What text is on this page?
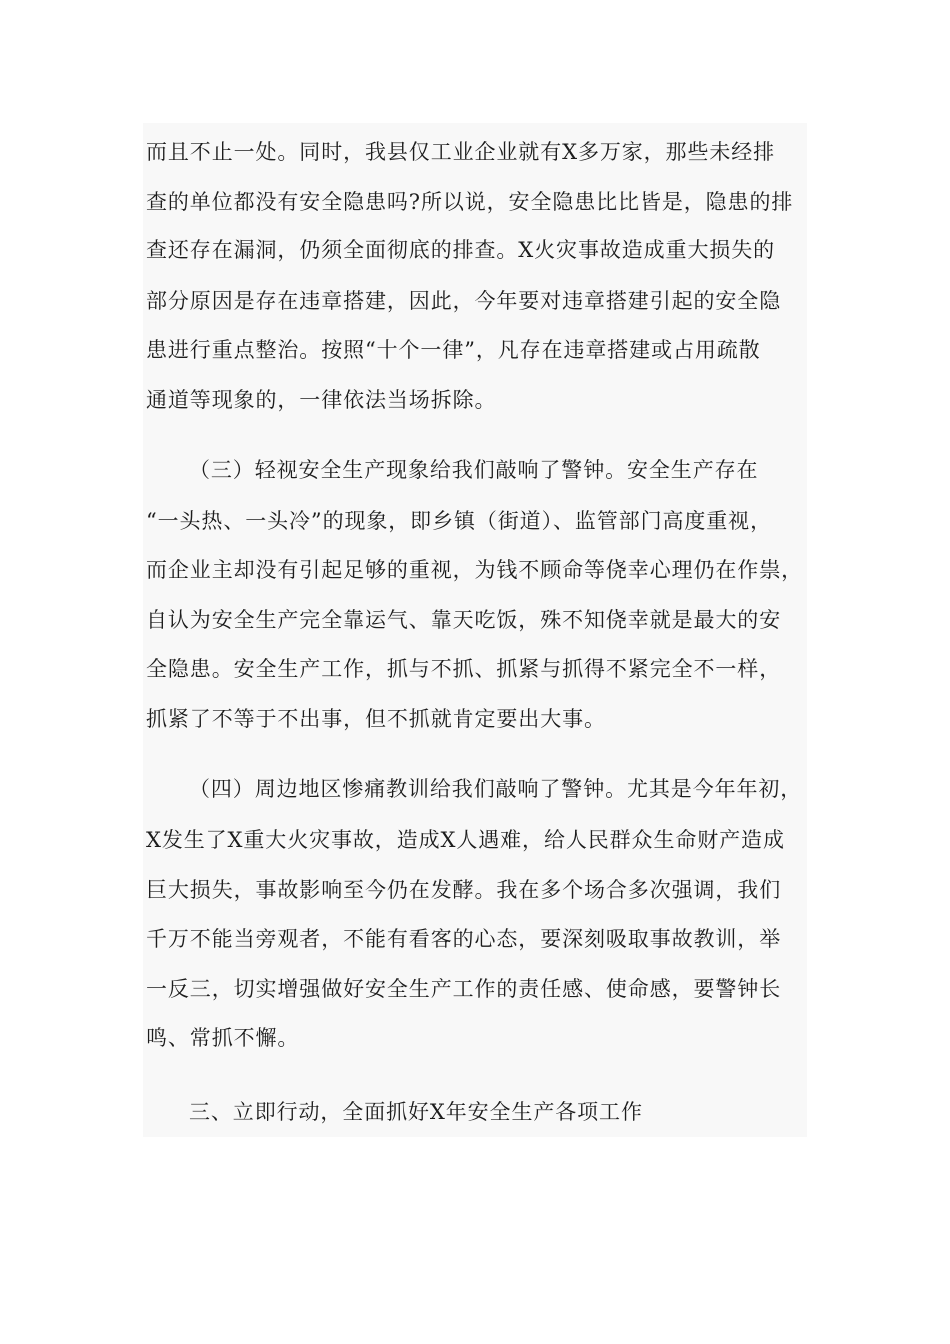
而且不止一处。同时，我县仅工业企业就有X多万家，那些未经排
查的单位都没有安全隐患吗?所以说，安全隐患比比皆是，隐患的排
查还存在漏洞，仍须全面彻底的排查。X火灾事故造成重大损失的
部分原因是存在违章搭建，因此，今年要对违章搭建引起的安全隐
患进行重点整治。按照“十个一律”，凡存在违章搭建或占用疏散
通道等现象的，一律依法当场拆除。
（三）轻视安全生产现象给我们敲响了警钟。安全生产存在
“一头热、一头冷”的现象，即乡镇（街道）、监管部门高度重视，
而企业主却没有引起足够的重视，为钱不顾命等侥幸心理仍在作祟，
自认为安全生产完全靠运气、靠天吃饭，殊不知侥幸就是最大的安
全隐患。安全生产工作，抓与不抓、抓紧与抓得不紧完全不一样，
抓紧了不等于不出事，但不抓就肯定要出大事。
（四）周边地区惨痛教训给我们敲响了警钟。尤其是今年年初，
X发生了X重大火灾事故，造成X人遇难，给人民群众生命财产造成
巨大损失，事故影响至今仍在发酵。我在多个场合多次强调，我们
千万不能当旁观者，不能有看客的心态，要深刻吸取事故教训，举
一反三，切实增强做好安全生产工作的责任感、使命感，要警钟长
鸣、常抓不懈。
三、立即行动，全面抓好X年安全生产各项工作
